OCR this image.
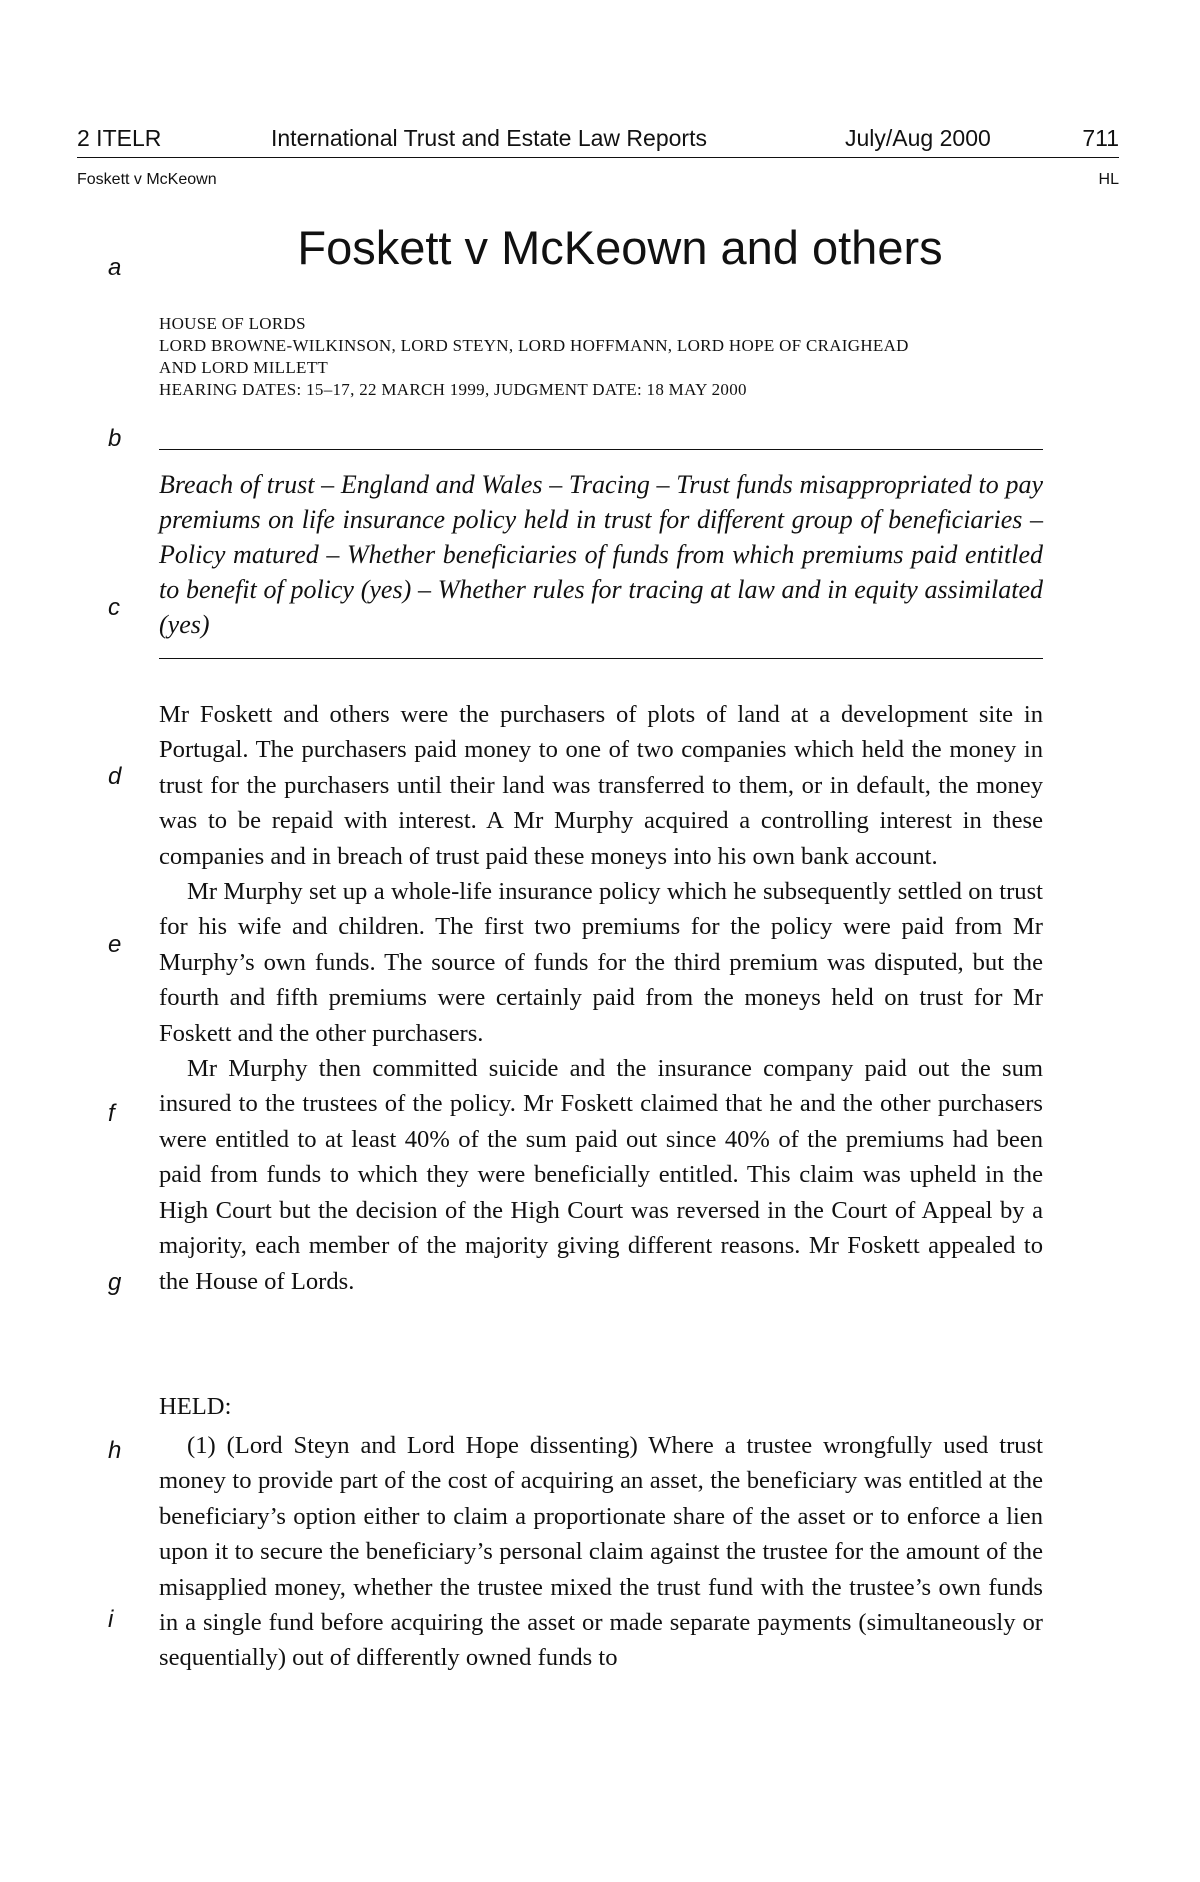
2 ITELR	International Trust and Estate Law Reports	July/Aug 2000	711
Foskett v McKeown	HL
a
b
c
d
e
f
g
h
i
Foskett v McKeown and others
HOUSE OF LORDS
LORD BROWNE-WILKINSON, LORD STEYN, LORD HOFFMANN, LORD HOPE OF CRAIGHEAD
AND LORD MILLETT
HEARING DATES: 15–17, 22 MARCH 1999, JUDGMENT DATE: 18 MAY 2000
Breach of trust – England and Wales – Tracing – Trust funds misappropriated to pay premiums on life insurance policy held in trust for different group of beneficiaries – Policy matured – Whether beneficiaries of funds from which premiums paid entitled to benefit of policy (yes) – Whether rules for tracing at law and in equity assimilated (yes)

Mr Foskett and others were the purchasers of plots of land at a development site in Portugal. The purchasers paid money to one of two companies which held the money in trust for the purchasers until their land was transferred to them, or in default, the money was to be repaid with interest. A Mr Murphy acquired a controlling interest in these companies and in breach of trust paid these moneys into his own bank account.

Mr Murphy set up a whole-life insurance policy which he subsequently settled on trust for his wife and children. The first two premiums for the policy were paid from Mr Murphy’s own funds. The source of funds for the third premium was disputed, but the fourth and fifth premiums were certainly paid from the moneys held on trust for Mr Foskett and the other purchasers.

Mr Murphy then committed suicide and the insurance company paid out the sum insured to the trustees of the policy. Mr Foskett claimed that he and the other purchasers were entitled to at least 40% of the sum paid out since 40% of the premiums had been paid from funds to which they were beneficially entitled. This claim was upheld in the High Court but the decision of the High Court was reversed in the Court of Appeal by a majority, each member of the majority giving different reasons. Mr Foskett appealed to the House of Lords.

HELD:

(1) (Lord Steyn and Lord Hope dissenting) Where a trustee wrongfully used trust money to provide part of the cost of acquiring an asset, the beneficiary was entitled at the beneficiary’s option either to claim a proportionate share of the asset or to enforce a lien upon it to secure the beneficiary’s personal claim against the trustee for the amount of the misapplied money, whether the trustee mixed the trust fund with the trustee’s own funds in a single fund before acquiring the asset or made separate payments (simultaneously or sequentially) out of differently owned funds to
